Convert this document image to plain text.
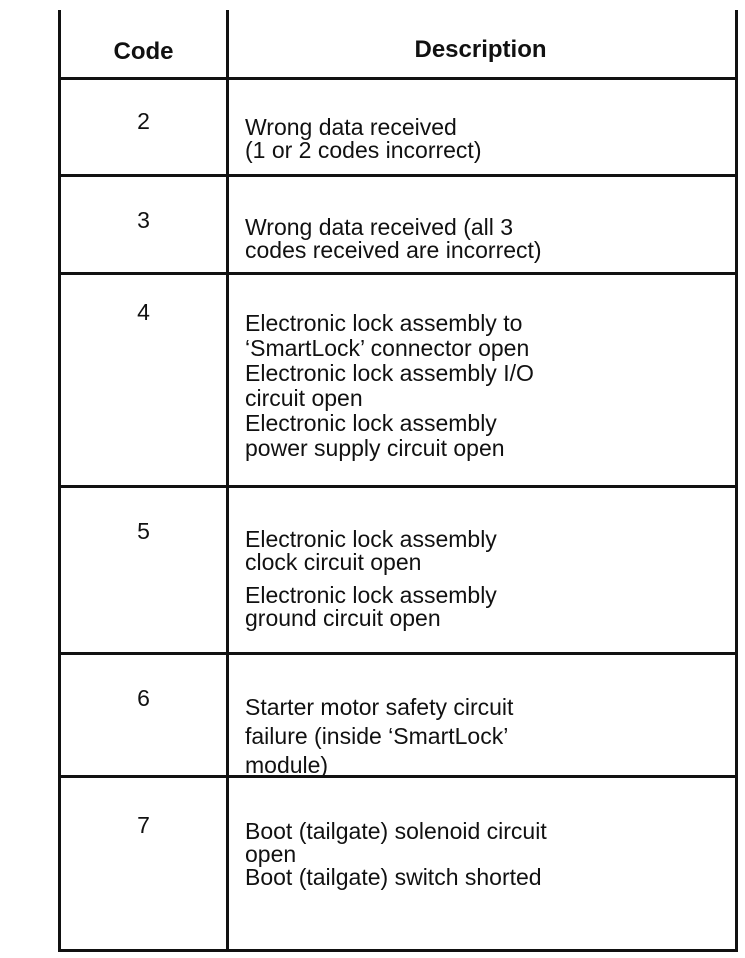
Code	Description
2	Wrong data received
(1 or 2 codes incorrect)
3	Wrong data received (all 3
codes received are incorrect)
4	Electronic lock assembly to
‘SmartLock’ connector open
Electronic lock assembly I/O
circuit open
Electronic lock assembly
power supply circuit open
5	Electronic lock assembly
clock circuit open
Electronic lock assembly
ground circuit open
6	Starter motor safety circuit
failure (inside ‘SmartLock’
module)
7	Boot (tailgate) solenoid circuit
open
Boot (tailgate) switch shorted
